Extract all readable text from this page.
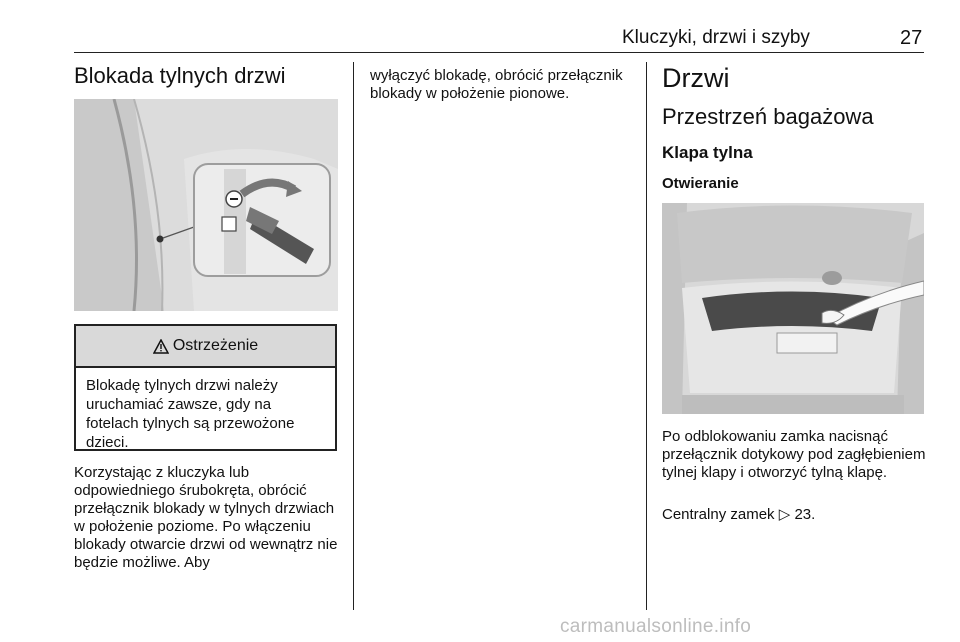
Kluczyki, drzwi i szyby	27
Blokada tylnych drzwi
Ostrzeżenie
Blokadę tylnych drzwi należy uruchamiać zawsze, gdy na fotelach tylnych są przewożone dzieci.

Korzystając z kluczyka lub odpowiedniego śrubokręta, obrócić przełącznik blokady w tylnych drzwiach w położenie poziome. Po włączeniu blokady otwarcie drzwi od wewnątrz nie będzie możliwe. Aby

wyłączyć blokadę, obrócić przełącznik blokady w położenie pionowe.

Drzwi
Przestrzeń bagażowa
Klapa tylna
Otwieranie

Po odblokowaniu zamka nacisnąć przełącznik dotykowy pod zagłębieniem tylnej klapy i otworzyć tylną klapę.

Centralny zamek ▷ 23.

carmanualsonline.info
